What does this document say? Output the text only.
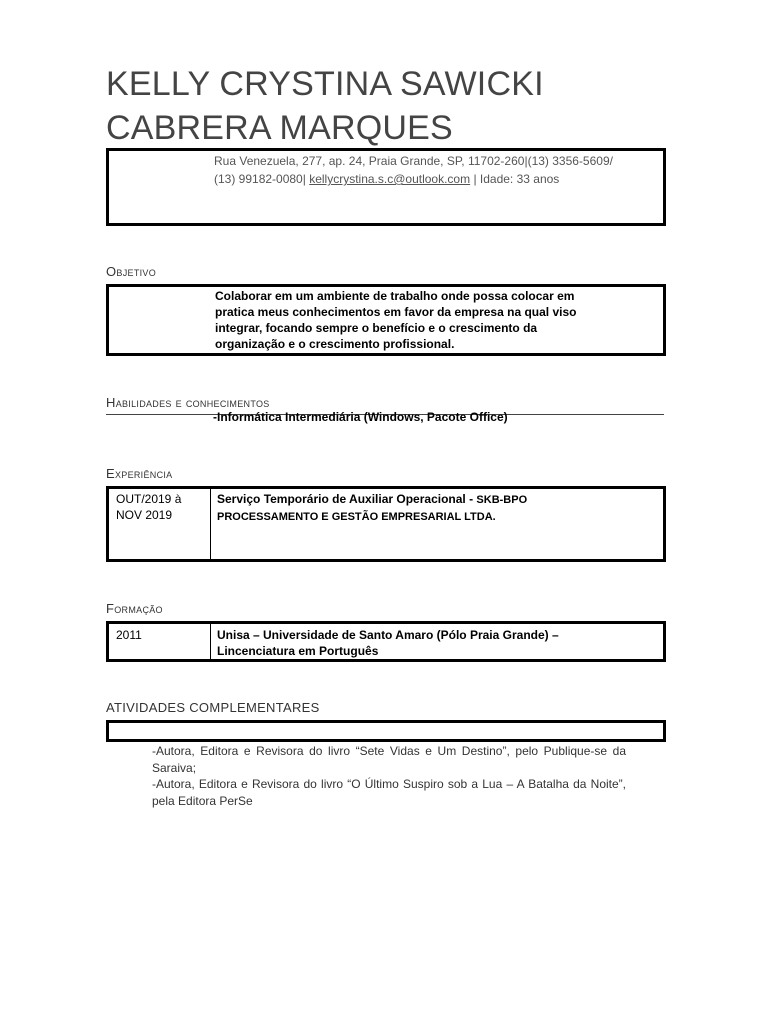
KELLY CRYSTINA SAWICKI CABRERA MARQUES
Rua Venezuela, 277, ap. 24, Praia Grande, SP, 11702-260|(13) 3356-5609/ (13) 99182-0080| kellycrystina.s.c@outlook.com | Idade: 33 anos
Objetivo
Colaborar em um ambiente de trabalho onde possa colocar em pratica meus conhecimentos em favor da empresa na qual viso integrar, focando sempre o benefício e o crescimento da organização e o crescimento profissional.
Habilidades e conhecimentos
-Informática Intermediária (Windows, Pacote Office)
Experiência
OUT/2019 à NOV 2019
Serviço Temporário de Auxiliar Operacional - SKB-BPO PROCESSAMENTO E GESTÃO EMPRESARIAL LTDA.
Formação
2011	Unisa – Universidade de Santo Amaro (Pólo Praia Grande) – Lincenciatura em Português
ATIVIDADES COMPLEMENTARES
-Autora, Editora e Revisora do livro “Sete Vidas e Um Destino”, pelo Publique-se da Saraiva;
-Autora, Editora e Revisora do livro “O Último Suspiro sob a Lua – A Batalha da Noite”, pela Editora PerSe
